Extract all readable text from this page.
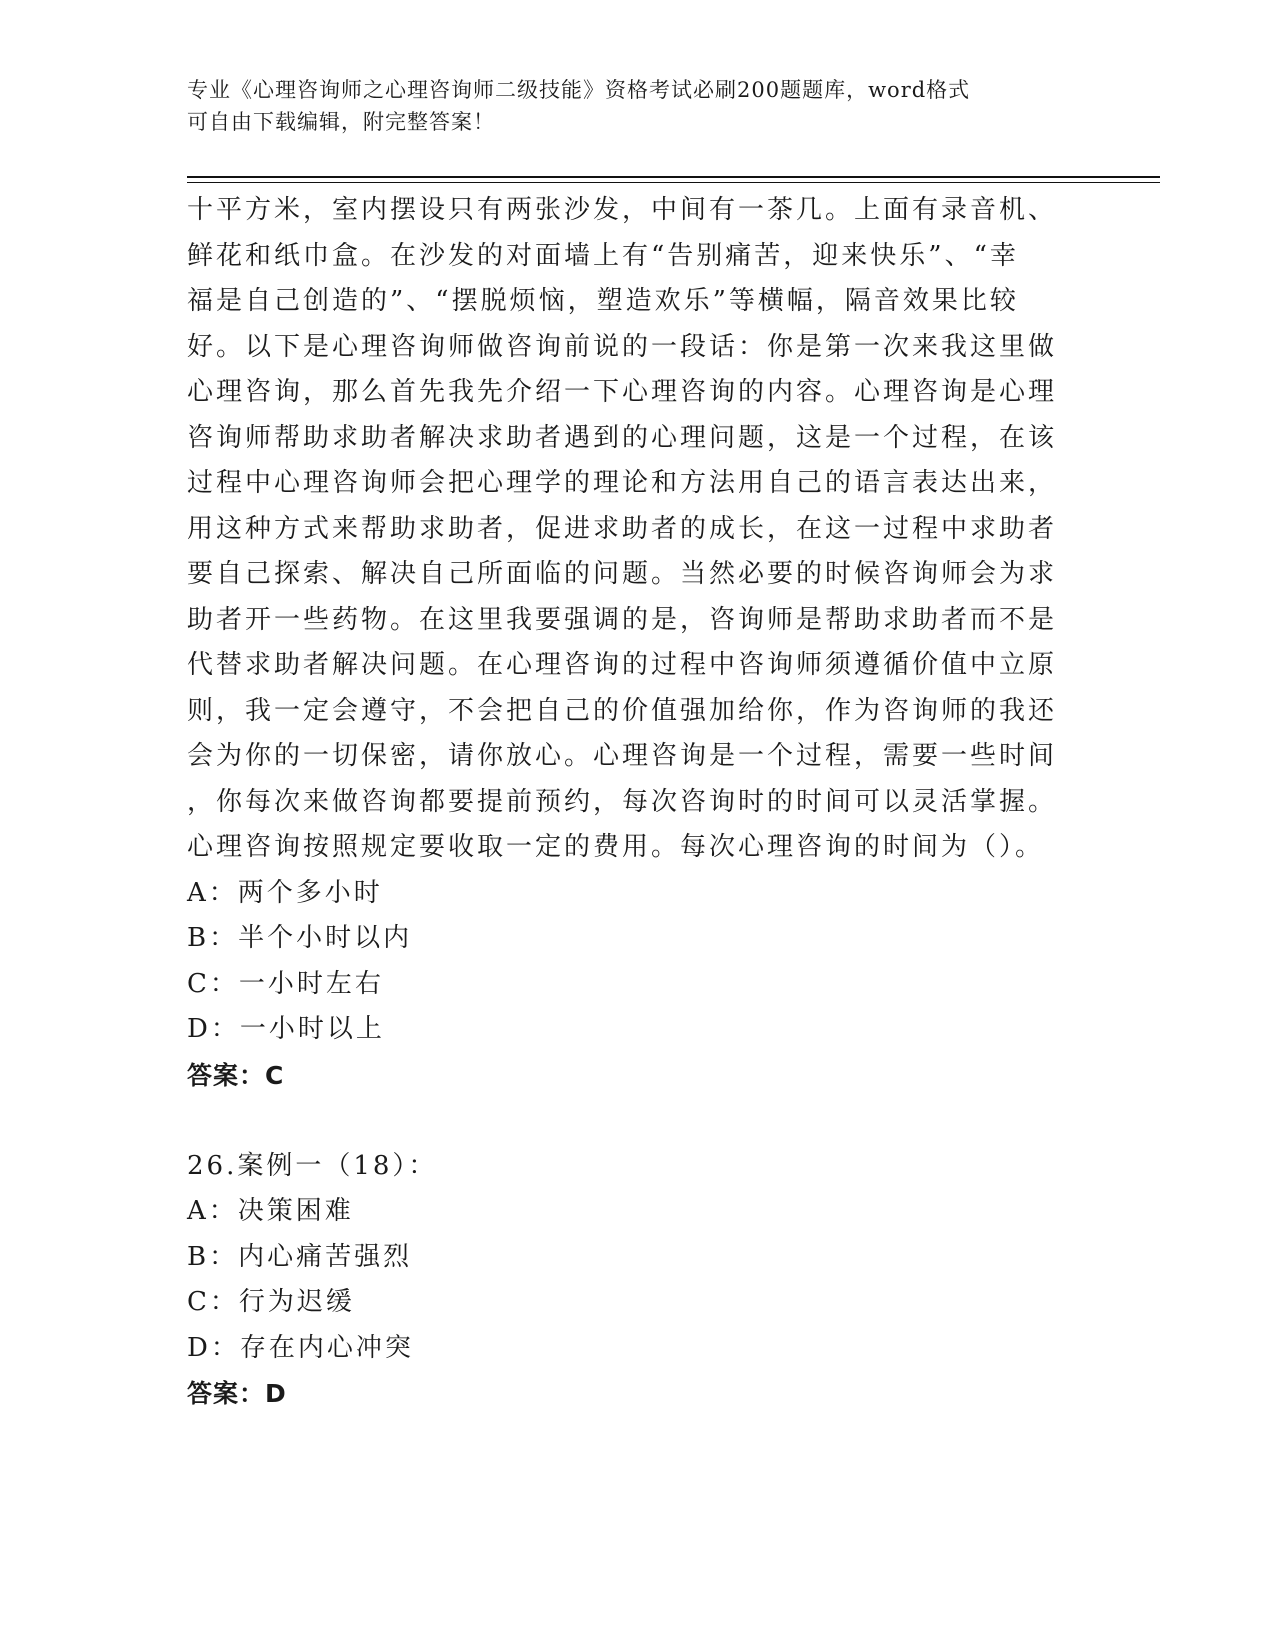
专业《心理咨询师之心理咨询师二级技能》资格考试必刷200题题库，word格式
可自由下载编辑，附完整答案！
十平方米，室内摆设只有两张沙发，中间有一茶几。上面有录音机、
鲜花和纸巾盒。在沙发的对面墙上有“告别痛苦，迎来快乐”、“幸
福是自己创造的”、“摆脱烦恼，塑造欢乐”等横幅，隔音效果比较
好。以下是心理咨询师做咨询前说的一段话：你是第一次来我这里做
心理咨询，那么首先我先介绍一下心理咨询的内容。心理咨询是心理
咨询师帮助求助者解决求助者遇到的心理问题，这是一个过程，在该
过程中心理咨询师会把心理学的理论和方法用自己的语言表达出来，
用这种方式来帮助求助者，促进求助者的成长，在这一过程中求助者
要自己探索、解决自己所面临的问题。当然必要的时候咨询师会为求
助者开一些药物。在这里我要强调的是，咨询师是帮助求助者而不是
代替求助者解决问题。在心理咨询的过程中咨询师须遵循价值中立原
则，我一定会遵守，不会把自己的价值强加给你，作为咨询师的我还
会为你的一切保密，请你放心。心理咨询是一个过程，需要一些时间
，你每次来做咨询都要提前预约，每次咨询时的时间可以灵活掌握。
心理咨询按照规定要收取一定的费用。每次心理咨询的时间为（）。
A：两个多小时
B：半个小时以内
C：一小时左右
D：一小时以上
答案：C
26.案例一（18）：
A：决策困难
B：内心痛苦强烈
C：行为迟缓
D：存在内心冲突
答案：D
